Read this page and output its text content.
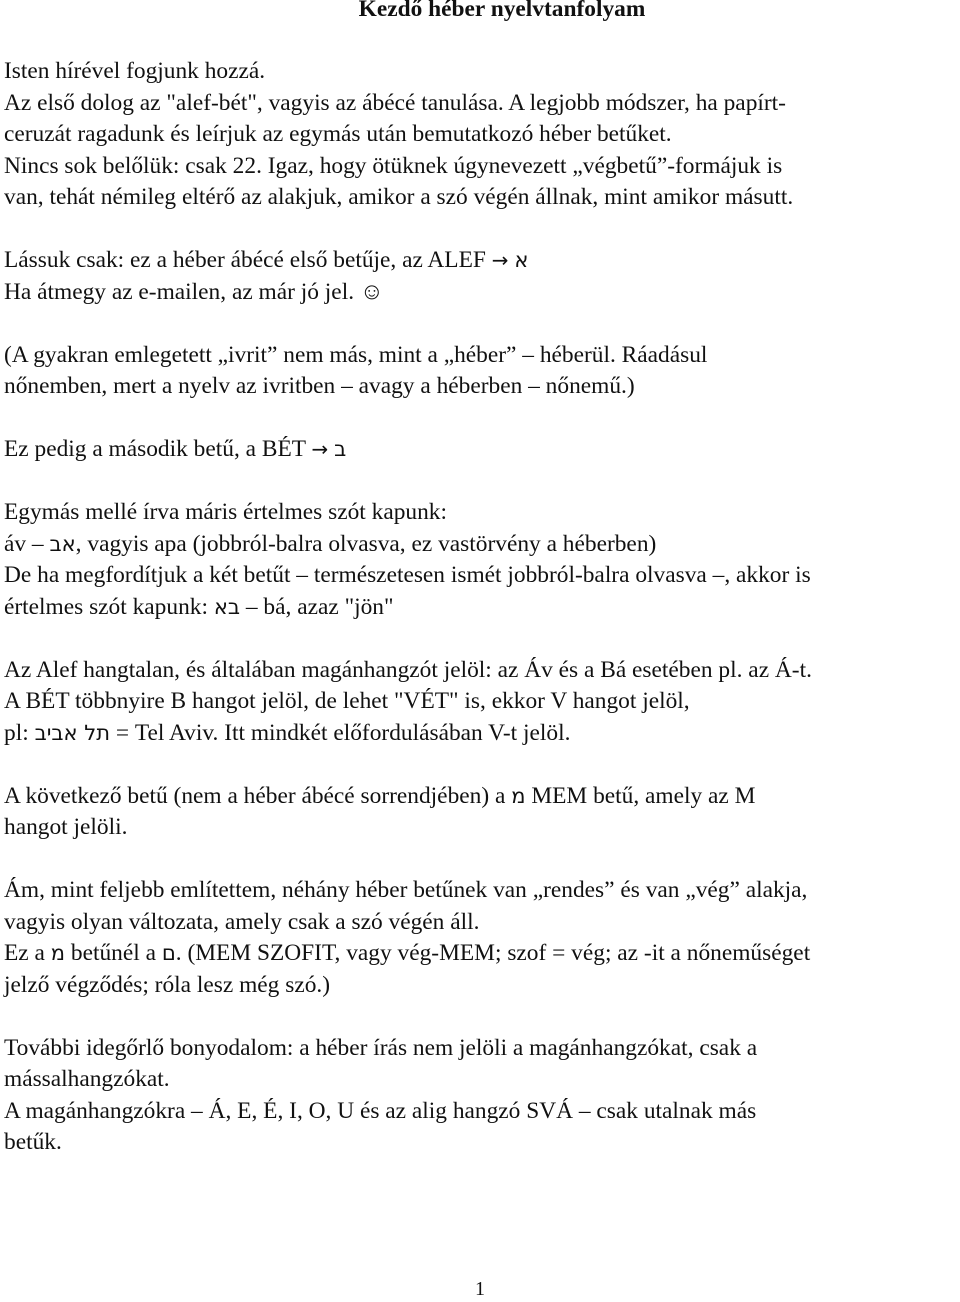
Kezdő héber nyelvtanfolyam

Isten hírével fogjunk hozzá.

Az első dolog az "alef-bét", vagyis az ábécé tanulása. A legjobb módszer, ha papírt-

ceruzát ragadunk és leírjuk az egymás után bemutatkozó héber betűket.

Nincs sok belőlük: csak 22. Igaz, hogy ötüknek úgynevezett „végbetű”-formájuk is

van, tehát némileg eltérő az alakjuk, amikor a szó végén állnak, mint amikor másutt.

Lássuk csak: ez a héber ábécé első betűje, az ALEF → א

Ha átmegy az e-mailen, az már jó jel. ☺

(A gyakran emlegetett „ivrit” nem más, mint a „héber” – héberül. Ráadásul

nőnemben, mert a nyelv az ivritben – avagy a héberben – nőnemű.)

Ez pedig a második betű, a BÉT → ב

Egymás mellé írva máris értelmes szót kapunk:

áv – אב, vagyis apa (jobbról-balra olvasva, ez vastörvény a héberben)

De ha megfordítjuk a két betűt – természetesen ismét jobbról-balra olvasva –, akkor is

értelmes szót kapunk: בא – bá, azaz "jön"

Az Alef hangtalan, és általában magánhangzót jelöl: az Áv és a Bá esetében pl. az Á-t.

A BÉT többnyire B hangot jelöl, de lehet "VÉT" is, ekkor V hangot jelöl,

pl: תל אביב = Tel Aviv. Itt mindkét előfordulásában V-t jelöl.

A következő betű (nem a héber ábécé sorrendjében) a מ MEM betű, amely az M

hangot jelöli.

Ám, mint feljebb említettem, néhány héber betűnek van „rendes” és van „vég” alakja,

vagyis olyan változata, amely csak a szó végén áll.

Ez a מ betűnél a ם. (MEM SZOFIT, vagy vég-MEM; szof = vég; az -it a nőneműséget

jelző végződés; róla lesz még szó.)

További idegőrlő bonyodalom: a héber írás nem jelöli a magánhangzókat, csak a

mássalhangzókat.

A magánhangzókra – Á, E, É, I, O, U és az alig hangzó SVÁ – csak utalnak más

betűk.

1
